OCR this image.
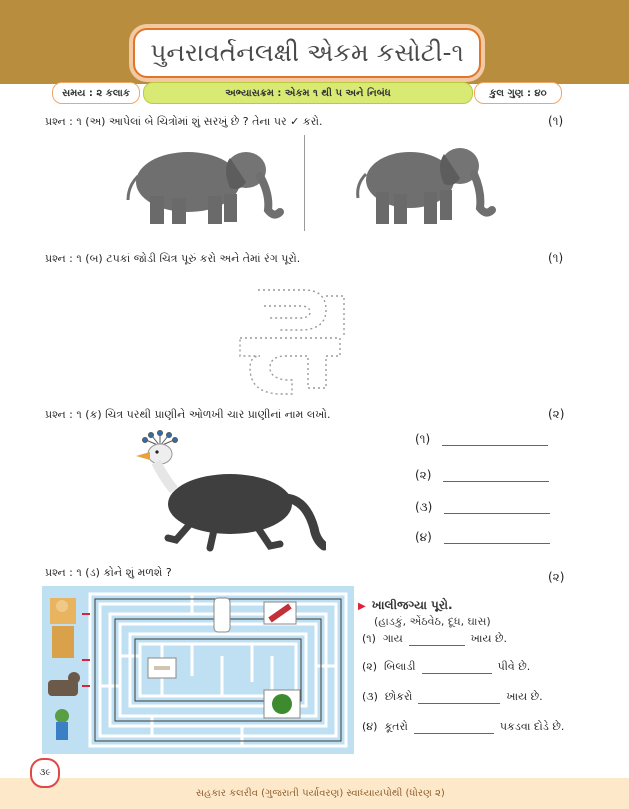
પુનરાવર્તનલક્ષી એકમ કસોટી-૧
સમય : ૨ કલાક	અભ્યાસક્રમ : એકમ ૧ થી ૫ અને નિબંધ	કુલ ગુણ : ૪૦
પ્રશ્ન : ૧ (અ) આપેલાં બે ચિત્રોમાં શું સરખું છે ? તેના પર ✓ કરો.	(૧)
પ્રશ્ન : ૧ (બ) ટપકાં જોડી ચિત્ર પૂરું કરો અને તેમાં રંગ પૂરો.	(૧)
પ્રશ્ન : ૧ (ક) ચિત્ર પરથી પ્રાણીને ઓળખી ચાર પ્રાણીનાં નામ લખો.	(૨)
(૧)
(૨)
(૩)
(૪)
પ્રશ્ન : ૧ (ડ) કોને શું મળશે ?	(૨)
▶ ખાલીજગ્યા પૂરો.
(હાડકું, એંઠવેઠ, દૂધ, ઘાસ)
(૧)
ગાય	ખાય છે.
(૨)
બિલાડી	પીવે છે.
(૩)
છોકરો	ખાય છે.
(૪)
કૂતરો	પકડવા દોડે છે.
૩૯
સહકાર કલરીવ (ગુજરાતી પર્યાવરણ) સ્વાધ્યાયપોથી (ધોરણ ૨)
